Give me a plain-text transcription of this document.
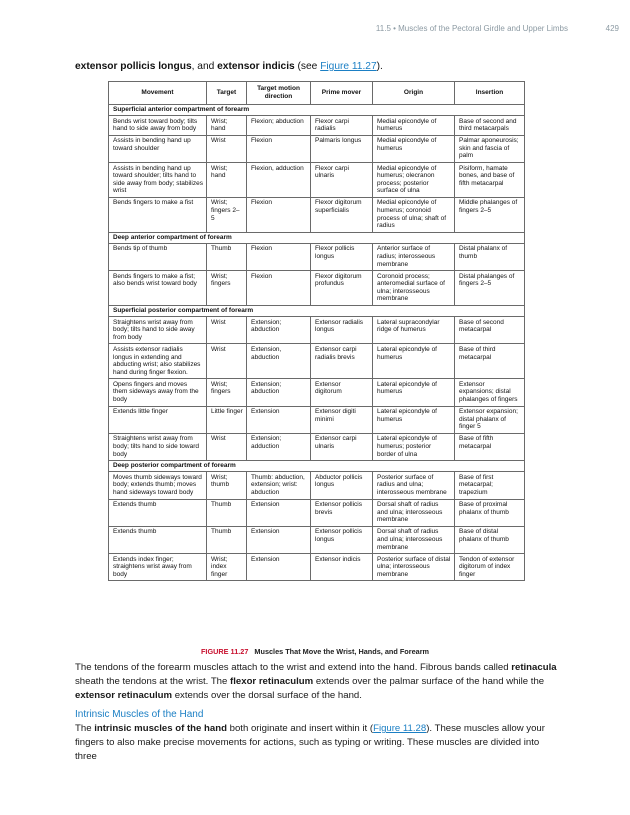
11.5 • Muscles of the Pectoral Girdle and Upper Limbs	429
extensor pollicis longus, and extensor indicis (see Figure 11.27).
Movement	Target	Target motion direction	Prime mover	Origin	Insertion
Superficial anterior compartment of forearm					
Bends wrist toward body; tilts hand to side away from body	Wrist; hand	Flexion; abduction	Flexor carpi radialis	Medial epicondyle of humerus	Base of second and third metacarpals
Assists in bending hand up toward shoulder	Wrist	Flexion	Palmaris longus	Medial epicondyle of humerus	Palmar aponeurosis; skin and fascia of palm
Assists in bending hand up toward shoulder; tilts hand to side away from body; stabilizes wrist	Wrist; hand	Flexion, adduction	Flexor carpi ulnaris	Medial epicondyle of humerus; olecranon process; posterior surface of ulna	Pisiform, hamate bones, and base of fifth metacarpal
Bends fingers to make a fist	Wrist; fingers 2–5	Flexion	Flexor digitorum superficialis	Medial epicondyle of humerus; coronoid process of ulna; shaft of radius	Middle phalanges of fingers 2–5
Deep anterior compartment of forearm					
Bends tip of thumb	Thumb	Flexion	Flexor pollicis longus	Anterior surface of radius; interosseous membrane	Distal phalanx of thumb
Bends fingers to make a fist; also bends wrist toward body	Wrist; fingers	Flexion	Flexor digitorum profundus	Coronoid process; anteromedial surface of ulna; interosseous membrane	Distal phalanges of fingers 2–5
Superficial posterior compartment of forearm					
Straightens wrist away from body; tilts hand to side away from body	Wrist	Extension; abduction	Extensor radialis longus	Lateral supracondylar ridge of humerus	Base of second metacarpal
Assists extensor radialis longus in extending and abducting wrist; also stabilizes hand during finger flexion.	Wrist	Extension, abduction	Extensor carpi radialis brevis	Lateral epicondyle of humerus	Base of third metacarpal
Opens fingers and moves them sideways away from the body	Wrist; fingers	Extension; abduction	Extensor digitorum	Lateral epicondyle of humerus	Extensor expansions; distal phalanges of fingers
Extends little finger	Little finger	Extension	Extensor digiti minimi	Lateral epicondyle of humerus	Extensor expansion; distal phalanx of finger 5
Straightens wrist away from body; tilts hand to side toward body	Wrist	Extension; adduction	Extensor carpi ulnaris	Lateral epicondyle of humerus; posterior border of ulna	Base of fifth metacarpal
Deep posterior compartment of forearm					
Moves thumb sideways toward body; extends thumb; moves hand sideways toward body	Wrist; thumb	Thumb: abduction, extension; wrist: abduction	Abductor pollicis longus	Posterior surface of radius and ulna; interosseous membrane	Base of first metacarpal; trapezium
Extends thumb	Thumb	Extension	Extensor pollicis brevis	Dorsal shaft of radius and ulna; interosseous membrane	Base of proximal phalanx of thumb
Extends thumb	Thumb	Extension	Extensor pollicis longus	Dorsal shaft of radius and ulna; interosseous membrane	Base of distal phalanx of thumb
Extends index finger; straightens wrist away from body	Wrist; index finger	Extension	Extensor indicis	Posterior surface of distal ulna; interosseous membrane	Tendon of extensor digitorum of index finger
FIGURE 11.27 Muscles That Move the Wrist, Hands, and Forearm
The tendons of the forearm muscles attach to the wrist and extend into the hand. Fibrous bands called retinacula sheath the tendons at the wrist. The flexor retinaculum extends over the palmar surface of the hand while the extensor retinaculum extends over the dorsal surface of the hand.
Intrinsic Muscles of the Hand
The intrinsic muscles of the hand both originate and insert within it (Figure 11.28). These muscles allow your fingers to also make precise movements for actions, such as typing or writing. These muscles are divided into three
